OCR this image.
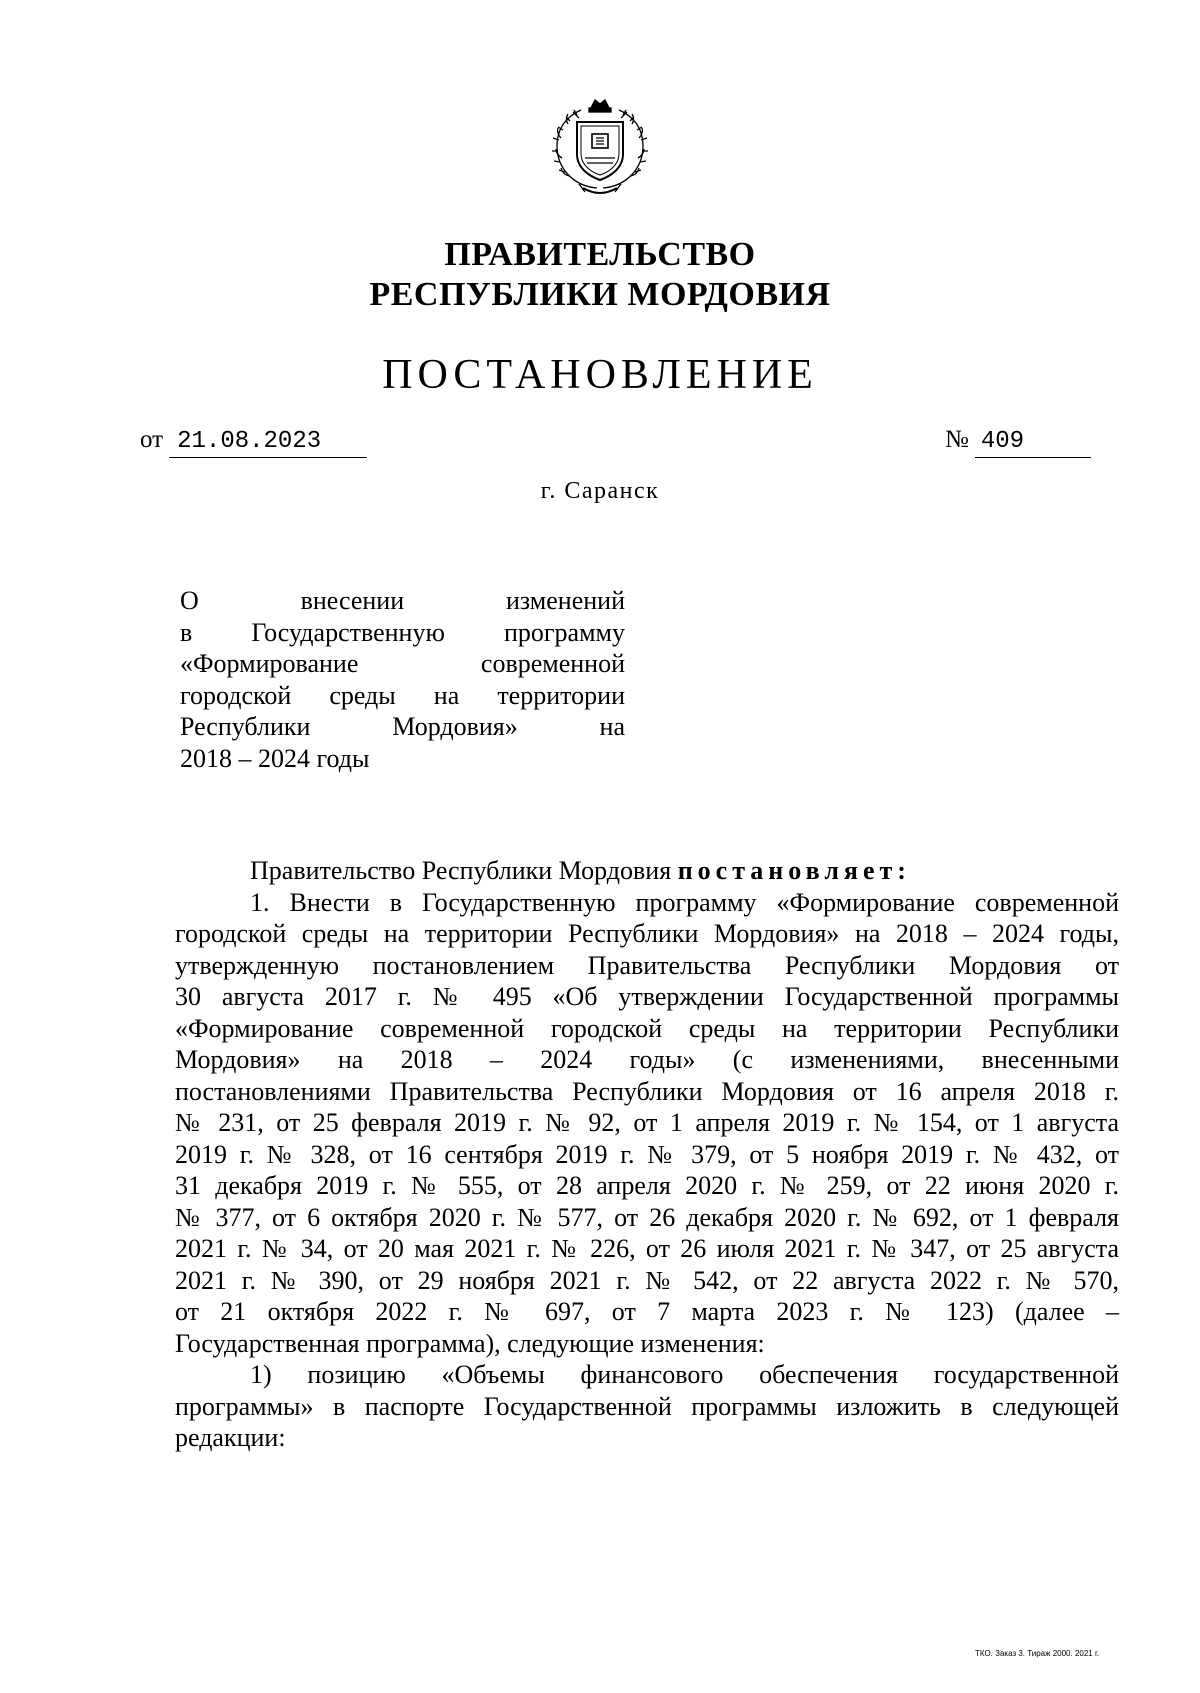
ПРАВИТЕЛЬСТВО
РЕСПУБЛИКИ МОРДОВИЯ
ПОСТАНОВЛЕНИЕ
от 21.08.2023	№ 409
г. Саранск
О внесении изменений
в Государственную программу
«Формирование современной
городской среды на территории
Республики Мордовия» на
2018 – 2024 годы
Правительство Республики Мордовия постановляет:
1. Внести в Государственную программу «Формирование современной
городской среды на территории Республики Мордовия» на 2018 – 2024 годы,
утвержденную постановлением Правительства Республики Мордовия от
30 августа 2017 г. № 495 «Об утверждении Государственной программы
«Формирование современной городской среды на территории Республики
Мордовия» на 2018 – 2024 годы» (с изменениями, внесенными
постановлениями Правительства Республики Мордовия от 16 апреля 2018 г.
№ 231, от 25 февраля 2019 г. № 92, от 1 апреля 2019 г. № 154, от 1 августа
2019 г. № 328, от 16 сентября 2019 г. № 379, от 5 ноября 2019 г. № 432, от
31 декабря 2019 г. № 555, от 28 апреля 2020 г. № 259, от 22 июня 2020 г.
№ 377, от 6 октября 2020 г. № 577, от 26 декабря 2020 г. № 692, от 1 февраля
2021 г. № 34, от 20 мая 2021 г. № 226, от 26 июля 2021 г. № 347, от 25 августа
2021 г. № 390, от 29 ноября 2021 г. № 542, от 22 августа 2022 г. № 570,
от 21 октября 2022 г. № 697, от 7 марта 2023 г. № 123) (далее –
Государственная программа), следующие изменения:
1) позицию «Объемы финансового обеспечения государственной
программы» в паспорте Государственной программы изложить в следующей
редакции:
ТКО. Заказ 3. Тираж 2000. 2021 г.
